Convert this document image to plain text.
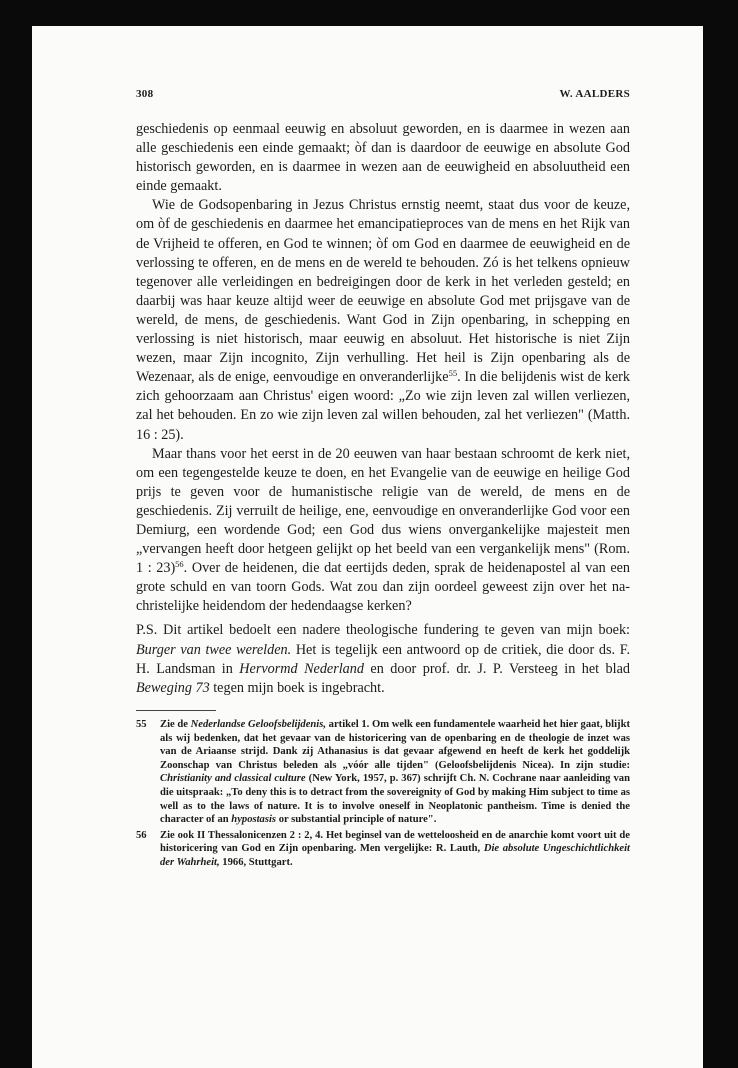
308	W. AALDERS

geschiedenis op eenmaal eeuwig en absoluut geworden, en is daarmee in wezen aan alle geschiedenis een einde gemaakt; òf dan is daardoor de eeuwige en absolute God historisch geworden, en is daarmee in wezen aan de eeuwigheid en absoluutheid een einde gemaakt.

Wie de Godsopenbaring in Jezus Christus ernstig neemt, staat dus voor de keuze, om òf de geschiedenis en daarmee het emancipatieproces van de mens en het Rijk van de Vrijheid te offeren, en God te winnen; òf om God en daarmee de eeuwigheid en de verlossing te offeren, en de mens en de wereld te behouden. Zó is het telkens opnieuw tegenover alle verleidingen en bedreigingen door de kerk in het verleden gesteld; en daarbij was haar keuze altijd weer de eeuwige en absolute God met prijsgave van de wereld, de mens, de geschiedenis. Want God in Zijn openbaring, in schepping en verlossing is niet historisch, maar eeuwig en absoluut. Het historische is niet Zijn wezen, maar Zijn incognito, Zijn verhulling. Het heil is Zijn openbaring als de Wezenaar, als de enige, eenvoudige en onveranderlijke$^{55}$. In die belijdenis wist de kerk zich gehoorzaam aan Christus' eigen woord: „Zo wie zijn leven zal willen verliezen, zal het behouden. En zo wie zijn leven zal willen behouden, zal het verliezen" (Matth. 16 : 25).

Maar thans voor het eerst in de 20 eeuwen van haar bestaan schroomt de kerk niet, om een tegengestelde keuze te doen, en het Evangelie van de eeuwige en heilige God prijs te geven voor de humanistische religie van de wereld, de mens en de geschiedenis. Zij verruilt de heilige, ene, eenvoudige en onveranderlijke God voor een Demiurg, een wordende God; een God dus wiens onvergankelijke majesteit men „vervangen heeft door hetgeen gelijkt op het beeld van een vergankelijk mens" (Rom. 1 : 23)$^{56}$. Over de heidenen, die dat eertijds deden, sprak de heidenapostel al van een grote schuld en van toorn Gods. Wat zou dan zijn oordeel geweest zijn over het na-christelijke heidendom der hedendaagse kerken?

P.S. Dit artikel bedoelt een nadere theologische fundering te geven van mijn boek: Burger van twee werelden. Het is tegelijk een antwoord op de critiek, die door ds. F. H. Landsman in Hervormd Nederland en door prof. dr. J. P. Versteeg in het blad Beweging 73 tegen mijn boek is ingebracht.

55	Zie de Nederlandse Geloofsbelijdenis, artikel 1. Om welk een fundamentele waarheid het hier gaat, blijkt als wij bedenken, dat het gevaar van de historicering van de openbaring en de theologie de inzet was van de Ariaanse strijd. Dank zij Athanasius is dat gevaar afgewend en heeft de kerk het goddelijk Zoonschap van Christus beleden als „vóór alle tijden" (Geloofsbelijdenis Nicea). In zijn studie: Christianity and classical culture (New York, 1957, p. 367) schrijft Ch. N. Cochrane naar aanleiding van die uitspraak: „To deny this is to detract from the sovereignity of God by making Him subject to time as well as to the laws of nature. It is to involve oneself in Neoplatonic pantheism. Time is denied the character of an hypostasis or substantial principle of nature".
56	Zie ook II Thessalonicenzen 2 : 2, 4. Het beginsel van de wetteloosheid en de anarchie komt voort uit de historicering van God en Zijn openbaring. Men vergelijke: R. Lauth, Die absolute Ungeschichtlichkeit der Wahrheit, 1966, Stuttgart.
